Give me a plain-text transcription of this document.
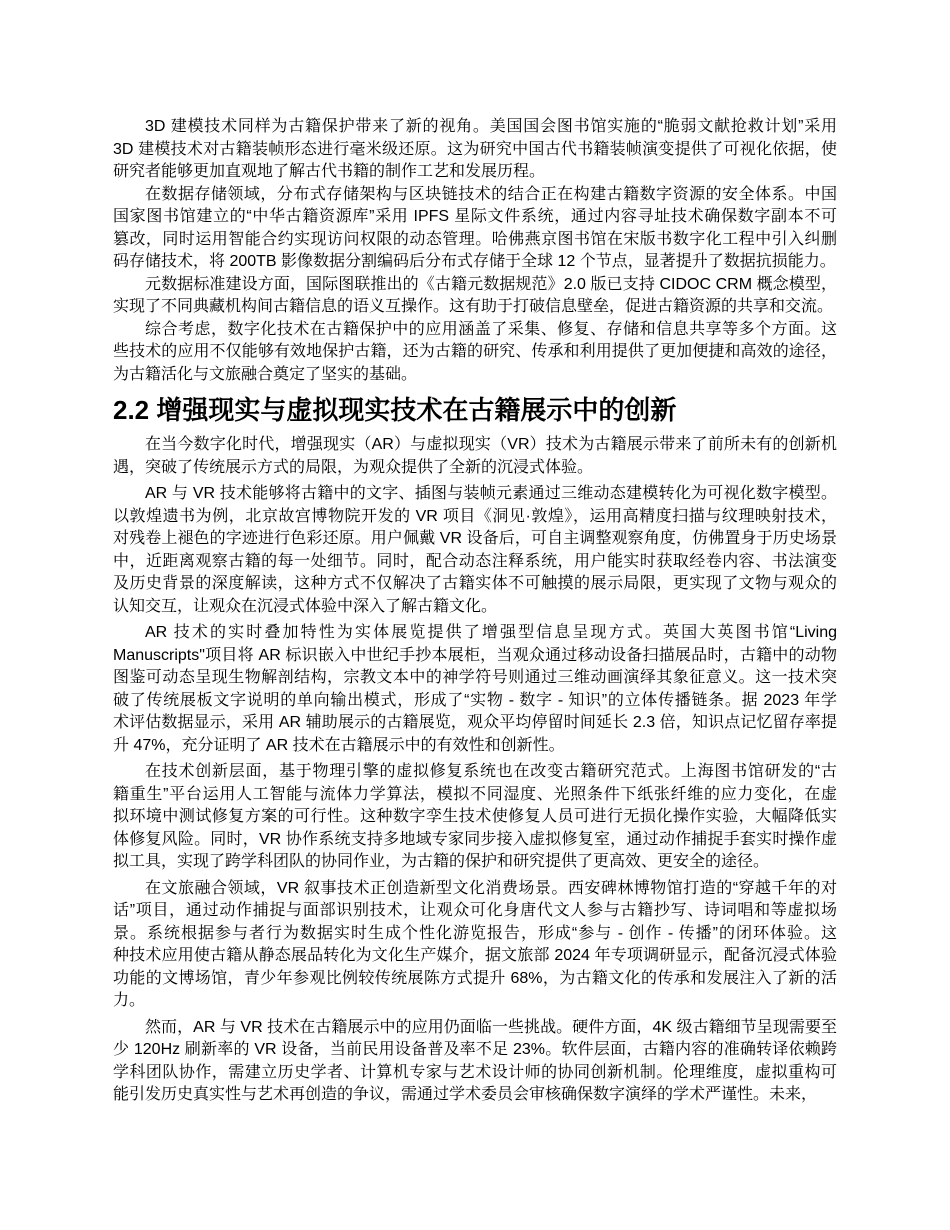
3D 建模技术同样为古籍保护带来了新的视角。美国国会图书馆实施的“脆弱文献抢救计划”采用
3D 建模技术对古籍装帧形态进行毫米级还原。这为研究中国古代书籍装帧演变提供了可视化依据，使
研究者能够更加直观地了解古代书籍的制作工艺和发展历程。
在数据存储领域，分布式存储架构与区块链技术的结合正在构建古籍数字资源的安全体系。中国
国家图书馆建立的“中华古籍资源库”采用 IPFS 星际文件系统，通过内容寻址技术确保数字副本不可
篡改，同时运用智能合约实现访问权限的动态管理。哈佛燕京图书馆在宋版书数字化工程中引入纠删
码存储技术，将 200TB 影像数据分割编码后分布式存储于全球 12 个节点，显著提升了数据抗损能力。
元数据标准建设方面，国际图联推出的《古籍元数据规范》2.0 版已支持 CIDOC CRM 概念模型，
实现了不同典藏机构间古籍信息的语义互操作。这有助于打破信息壁垒，促进古籍资源的共享和交流。
综合考虑，数字化技术在古籍保护中的应用涵盖了采集、修复、存储和信息共享等多个方面。这
些技术的应用不仅能够有效地保护古籍，还为古籍的研究、传承和利用提供了更加便捷和高效的途径，
为古籍活化与文旅融合奠定了坚实的基础。
2.2 增强现实与虚拟现实技术在古籍展示中的创新
在当今数字化时代，增强现实（AR）与虚拟现实（VR）技术为古籍展示带来了前所未有的创新机
遇，突破了传统展示方式的局限，为观众提供了全新的沉浸式体验。
AR 与 VR 技术能够将古籍中的文字、插图与装帧元素通过三维动态建模转化为可视化数字模型。
以敦煌遗书为例，北京故宫博物院开发的 VR 项目《洞见·敦煌》，运用高精度扫描与纹理映射技术，
对残卷上褪色的字迹进行色彩还原。用户佩戴 VR 设备后，可自主调整观察角度，仿佛置身于历史场景
中，近距离观察古籍的每一处细节。同时，配合动态注释系统，用户能实时获取经卷内容、书法演变
及历史背景的深度解读，这种方式不仅解决了古籍实体不可触摸的展示局限，更实现了文物与观众的
认知交互，让观众在沉浸式体验中深入了解古籍文化。
AR 技术的实时叠加特性为实体展览提供了增强型信息呈现方式。英国大英图书馆“Living
Manuscripts"项目将 AR 标识嵌入中世纪手抄本展柜，当观众通过移动设备扫描展品时，古籍中的动物
图鉴可动态呈现生物解剖结构，宗教文本中的神学符号则通过三维动画演绎其象征意义。这一技术突
破了传统展板文字说明的单向输出模式，形成了“实物 - 数字 - 知识”的立体传播链条。据 2023 年学
术评估数据显示，采用 AR 辅助展示的古籍展览，观众平均停留时间延长 2.3 倍，知识点记忆留存率提
升 47%，充分证明了 AR 技术在古籍展示中的有效性和创新性。
在技术创新层面，基于物理引擎的虚拟修复系统也在改变古籍研究范式。上海图书馆研发的“古
籍重生”平台运用人工智能与流体力学算法，模拟不同湿度、光照条件下纸张纤维的应力变化，在虚
拟环境中测试修复方案的可行性。这种数字孪生技术使修复人员可进行无损化操作实验，大幅降低实
体修复风险。同时，VR 协作系统支持多地域专家同步接入虚拟修复室，通过动作捕捉手套实时操作虚
拟工具，实现了跨学科团队的协同作业，为古籍的保护和研究提供了更高效、更安全的途径。
在文旅融合领域，VR 叙事技术正创造新型文化消费场景。西安碑林博物馆打造的“穿越千年的对
话”项目，通过动作捕捉与面部识别技术，让观众可化身唐代文人参与古籍抄写、诗词唱和等虚拟场
景。系统根据参与者行为数据实时生成个性化游览报告，形成“参与 - 创作 - 传播”的闭环体验。这
种技术应用使古籍从静态展品转化为文化生产媒介，据文旅部 2024 年专项调研显示，配备沉浸式体验
功能的文博场馆，青少年参观比例较传统展陈方式提升 68%，为古籍文化的传承和发展注入了新的活
力。
然而，AR 与 VR 技术在古籍展示中的应用仍面临一些挑战。硬件方面，4K 级古籍细节呈现需要至
少 120Hz 刷新率的 VR 设备，当前民用设备普及率不足 23%。软件层面，古籍内容的准确转译依赖跨
学科团队协作，需建立历史学者、计算机专家与艺术设计师的协同创新机制。伦理维度，虚拟重构可
能引发历史真实性与艺术再创造的争议，需通过学术委员会审核确保数字演绎的学术严谨性。未来，
